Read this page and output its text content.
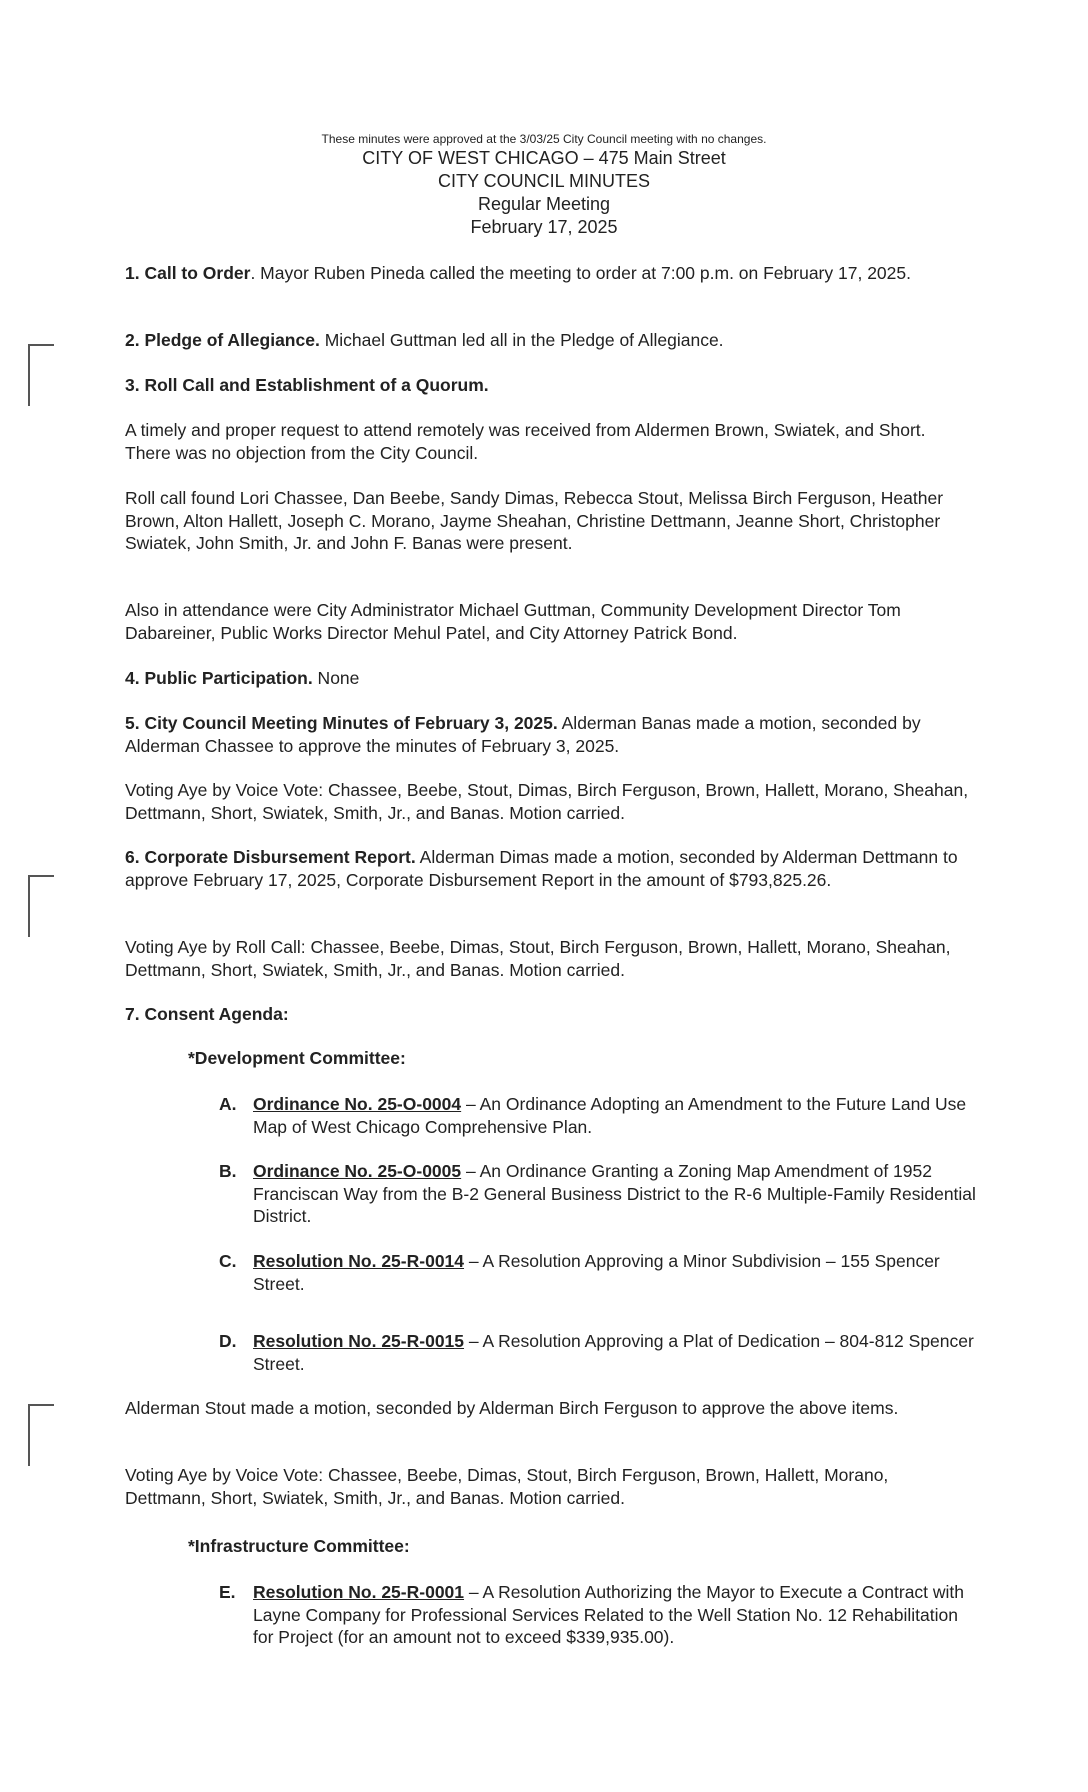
These minutes were approved at the 3/03/25 City Council meeting with no changes.
CITY OF WEST CHICAGO – 475 Main Street
CITY COUNCIL MINUTES
Regular Meeting
February 17, 2025

1. Call to Order. Mayor Ruben Pineda called the meeting to order at 7:00 p.m. on February 17, 2025.

2. Pledge of Allegiance. Michael Guttman led all in the Pledge of Allegiance.

3. Roll Call and Establishment of a Quorum.

A timely and proper request to attend remotely was received from Aldermen Brown, Swiatek, and Short. There was no objection from the City Council.

Roll call found Lori Chassee, Dan Beebe, Sandy Dimas, Rebecca Stout, Melissa Birch Ferguson, Heather Brown, Alton Hallett, Joseph C. Morano, Jayme Sheahan, Christine Dettmann, Jeanne Short, Christopher Swiatek, John Smith, Jr. and John F. Banas were present.

Also in attendance were City Administrator Michael Guttman, Community Development Director Tom Dabareiner, Public Works Director Mehul Patel, and City Attorney Patrick Bond.

4. Public Participation. None

5. City Council Meeting Minutes of February 3, 2025. Alderman Banas made a motion, seconded by Alderman Chassee to approve the minutes of February 3, 2025.

Voting Aye by Voice Vote: Chassee, Beebe, Stout, Dimas, Birch Ferguson, Brown, Hallett, Morano, Sheahan, Dettmann, Short, Swiatek, Smith, Jr., and Banas. Motion carried.

6. Corporate Disbursement Report. Alderman Dimas made a motion, seconded by Alderman Dettmann to approve February 17, 2025, Corporate Disbursement Report in the amount of $793,825.26.

Voting Aye by Roll Call: Chassee, Beebe, Dimas, Stout, Birch Ferguson, Brown, Hallett, Morano, Sheahan, Dettmann, Short, Swiatek, Smith, Jr., and Banas. Motion carried.

7. Consent Agenda:

*Development Committee:
A. Ordinance No. 25-O-0004 – An Ordinance Adopting an Amendment to the Future Land Use Map of West Chicago Comprehensive Plan.
B. Ordinance No. 25-O-0005 – An Ordinance Granting a Zoning Map Amendment of 1952 Franciscan Way from the B-2 General Business District to the R-6 Multiple-Family Residential District.
C. Resolution No. 25-R-0014 – A Resolution Approving a Minor Subdivision – 155 Spencer Street.
D. Resolution No. 25-R-0015 – A Resolution Approving a Plat of Dedication – 804-812 Spencer Street.

Alderman Stout made a motion, seconded by Alderman Birch Ferguson to approve the above items.

Voting Aye by Voice Vote: Chassee, Beebe, Dimas, Stout, Birch Ferguson, Brown, Hallett, Morano, Dettmann, Short, Swiatek, Smith, Jr., and Banas. Motion carried.

*Infrastructure Committee:
E. Resolution No. 25-R-0001 – A Resolution Authorizing the Mayor to Execute a Contract with Layne Company for Professional Services Related to the Well Station No. 12 Rehabilitation for Project (for an amount not to exceed $339,935.00).
